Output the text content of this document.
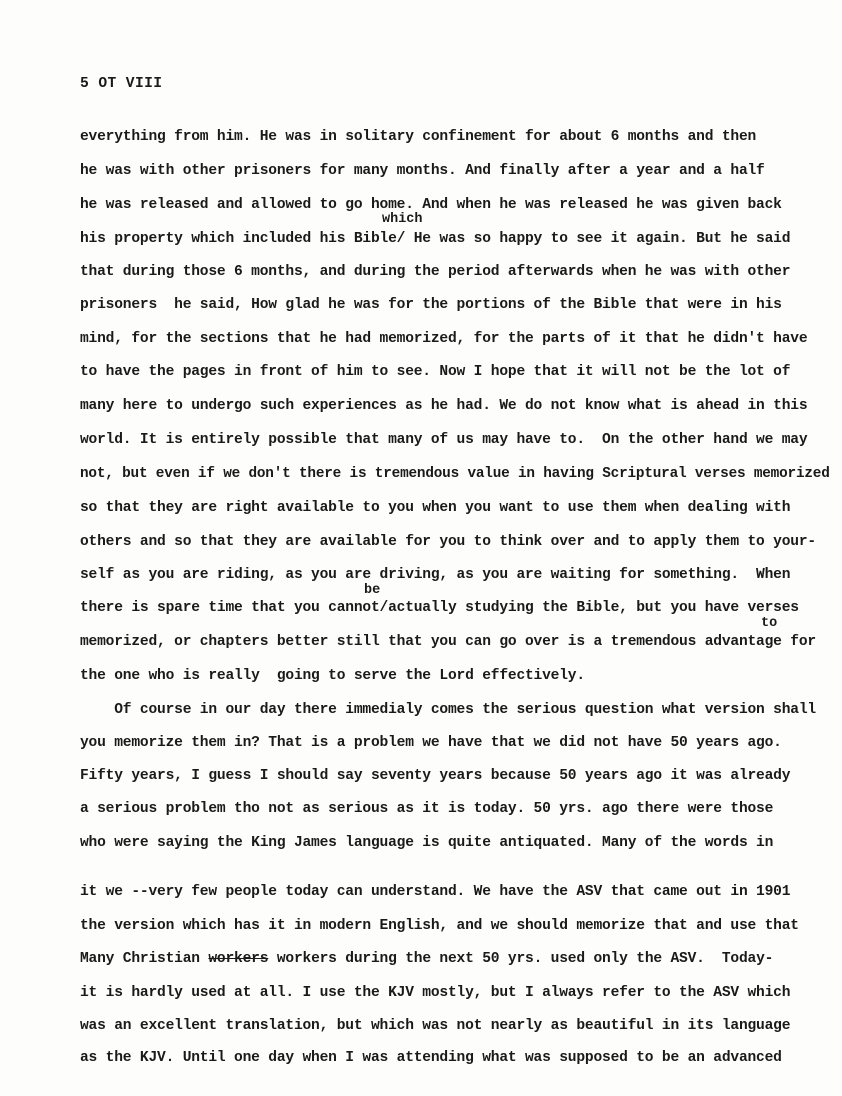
5 OT VIII
which
be
to
everything from him. He was in solitary confinement for about 6 months and then
he was with other prisoners for many months. And finally after a year and a half
he was released and allowed to go home. And when he was released he was given back
his property which included his Bible/ He was so happy to see it again. But he said
that during those 6 months, and during the period afterwards when he was with other
prisoners  he said, How glad he was for the portions of the Bible that were in his
mind, for the sections that he had memorized, for the parts of it that he didn't have
to have the pages in front of him to see. Now I hope that it will not be the lot of
many here to undergo such experiences as he had. We do not know what is ahead in this
world. It is entirely possible that many of us may have to.  On the other hand we may
not, but even if we don't there is tremendous value in having Scriptural verses memorized
so that they are right available to you when you want to use them when dealing with
others and so that they are available for you to think over and to apply them to your-
self as you are riding, as you are driving, as you are waiting for something.  When
there is spare time that you cannot/actually studying the Bible, but you have verses
memorized, or chapters better still that you can go over is a tremendous advantage for
the one who is really  going to serve the Lord effectively.
Of course in our day there immedialy comes the serious question what version shall
you memorize them in? That is a problem we have that we did not have 50 years ago.
Fifty years, I guess I should say seventy years because 50 years ago it was already
a serious problem tho not as serious as it is today. 50 yrs. ago there were those
who were saying the King James language is quite antiquated. Many of the words in
it we --very few people today can understand. We have the ASV that came out in 1901
the version which has it in modern English, and we should memorize that and use that
Many Christian workers workers during the next 50 yrs. used only the ASV.  Today-
it is hardly used at all. I use the KJV mostly, but I always refer to the ASV which
was an excellent translation, but which was not nearly as beautiful in its language
as the KJV. Until one day when I was attending what was supposed to be an advanced
